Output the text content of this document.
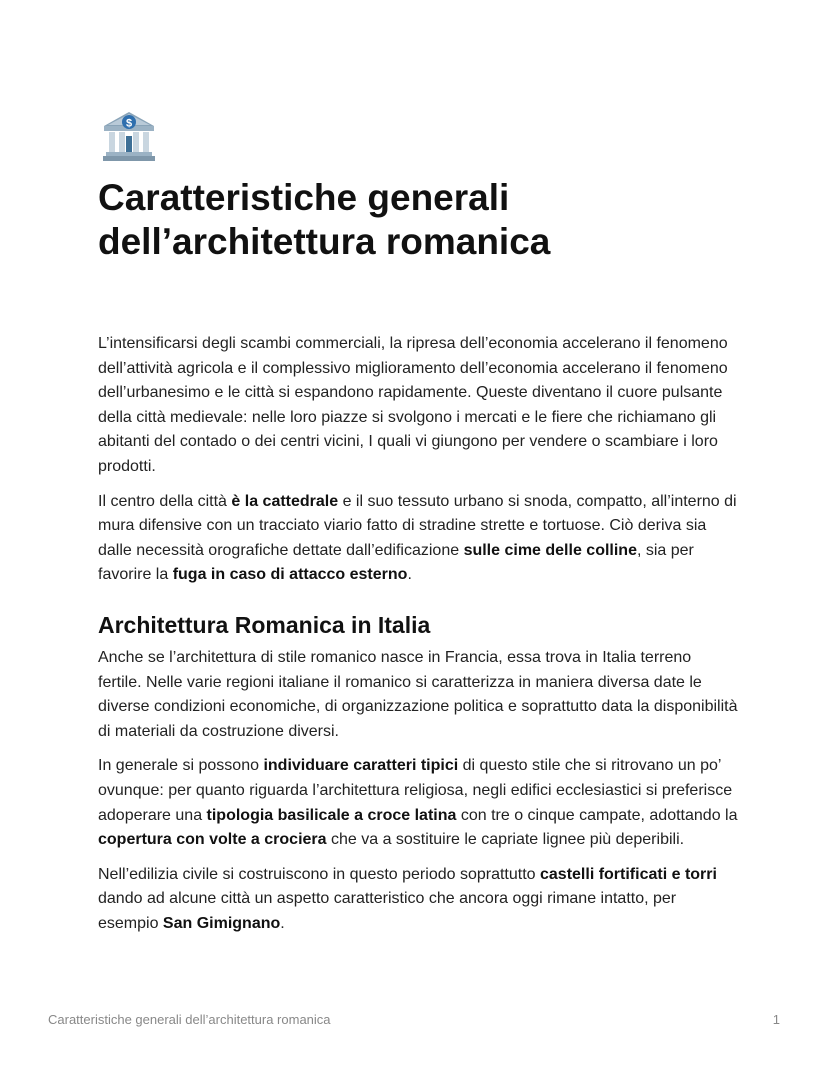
$
Caratteristiche generali
dell’architettura romanica

L’intensificarsi degli scambi commerciali, la ripresa dell’economia accelerano il fenomeno dell’attività agricola e il complessivo miglioramento dell’economia accelerano il fenomeno dell’urbanesimo e le città si espandono rapidamente. Queste diventano il cuore pulsante della città medievale: nelle loro piazze si svolgono i mercati e le fiere che richiamano gli abitanti del contado o dei centri vicini, I quali vi giungono per vendere o scambiare i loro prodotti.

Il centro della città è la cattedrale e il suo tessuto urbano si snoda, compatto, all’interno di mura difensive con un tracciato viario fatto di stradine strette e tortuose. Ciò deriva sia dalle necessità orografiche dettate dall’edificazione sulle cime delle colline, sia per favorire la fuga in caso di attacco esterno.

Architettura Romanica in Italia

Anche se l’architettura di stile romanico nasce in Francia, essa trova in Italia terreno fertile. Nelle varie regioni italiane il romanico si caratterizza in maniera diversa date le diverse condizioni economiche, di organizzazione politica e soprattutto data la disponibilità di materiali da costruzione diversi.

In generale si possono individuare caratteri tipici di questo stile che si ritrovano un po’ ovunque: per quanto riguarda l’architettura religiosa, negli edifici ecclesiastici si preferisce adoperare una tipologia basilicale a croce latina con tre o cinque campate, adottando la copertura con volte a crociera che va a sostituire le capriate lignee più deperibili.

Nell’edilizia civile si costruiscono in questo periodo soprattutto castelli fortificati e torri dando ad alcune città un aspetto caratteristico che ancora oggi rimane intatto, per esempio San Gimignano.

Caratteristiche generali dell’architettura romanica	1
